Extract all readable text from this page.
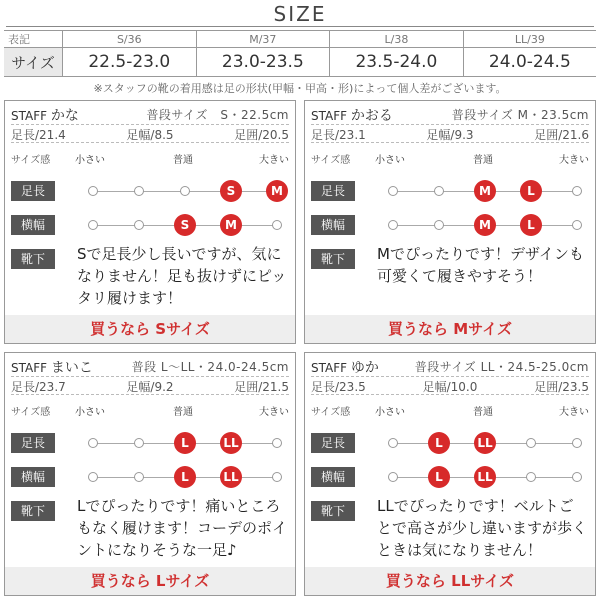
SIZE
表記	S/36	M/37	L/38	LL/39
サイズ	22.5-23.0	23.0-23.5	23.5-24.0	24.0-24.5
※スタッフの靴の着用感は足の形状(甲幅・甲高・形)によって個人差がございます。
STAFF かな	普段サイズ　S・22.5cm
足長/21.4	足幅/8.5	足囲/20.5
サイズ感 小さい	普通	大きい
足長	S	M
横幅	S	M
靴下	Sで足長少し長いですが、気になりません！足も抜けずにピッタリ履けます！
買うなら Sサイズ
STAFF かおる	普段サイズ M・23.5cm
足長/23.1	足幅/9.3	足囲/21.6
サイズ感 小さい	普通	大きい
足長	M	L
横幅	M	L
靴下	Mでぴったりです！デザインも可愛くて履きやすそう！
買うなら Mサイズ
STAFF まいこ	普段 L〜LL・24.0-24.5cm
足長/23.7	足幅/9.2	足囲/21.5
サイズ感 小さい	普通	大きい
足長	L	LL
横幅	L	LL
靴下	Lでぴったりです！痛いところもなく履けます！コーデのポイントになりそうな一足♪
買うなら Lサイズ
STAFF ゆか	普段サイズ LL・24.5-25.0cm
足長/23.5	足幅/10.0	足囲/23.5
サイズ感 小さい	普通	大きい
足長	L	LL
横幅	L	LL
靴下	LLでぴったりです！ベルトごとで高さが少し違いますが歩くときは気になりません！
買うなら LLサイズ
